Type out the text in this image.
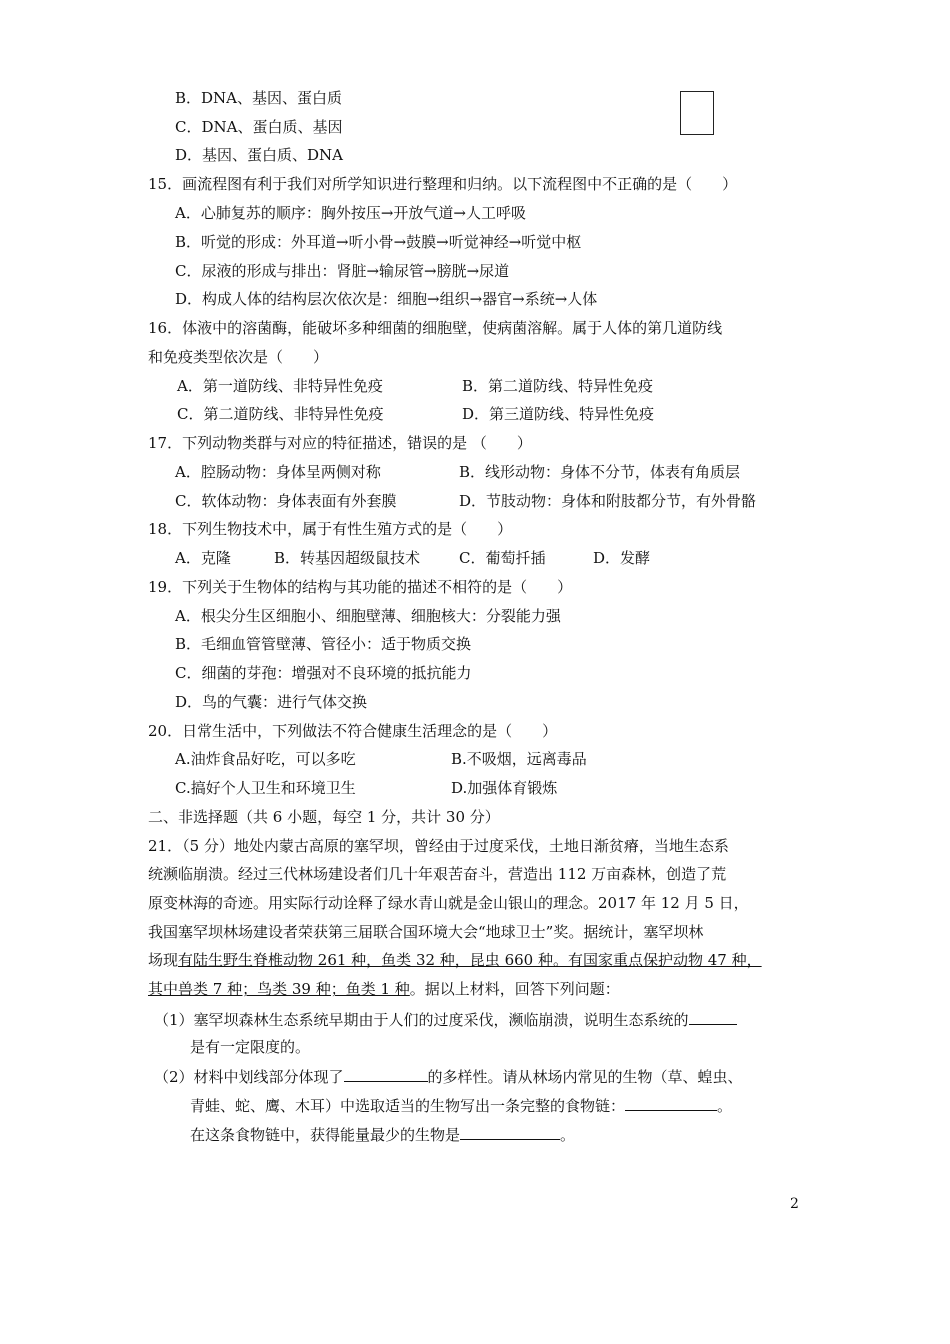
B．DNA、基因、蛋白质
C．DNA、蛋白质、基因
D．基因、蛋白质、DNA
15．画流程图有利于我们对所学知识进行整理和归纳。以下流程图中不正确的是（　　）
A．心肺复苏的顺序：胸外按压→开放气道→人工呼吸
B．听觉的形成：外耳道→听小骨→鼓膜→听觉神经→听觉中枢
C．尿液的形成与排出：肾脏→输尿管→膀胱→尿道
D．构成人体的结构层次依次是：细胞→组织→器官→系统→人体
16．体液中的溶菌酶，能破坏多种细菌的细胞壁，使病菌溶解。属于人体的第几道防线
和免疫类型依次是（　　）
A．第一道防线、非特异性免疫	B．第二道防线、特异性免疫
C．第二道防线、非特异性免疫	D．第三道防线、特异性免疫
17．下列动物类群与对应的特征描述，错误的是 （　　）
A．腔肠动物：身体呈两侧对称	B．线形动物：身体不分节，体表有角质层
C．软体动物：身体表面有外套膜	D．节肢动物：身体和附肢都分节，有外骨骼
18．下列生物技术中，属于有性生殖方式的是（　　）
A．克隆	B．转基因超级鼠技术	C．葡萄扦插	D．发酵
19．下列关于生物体的结构与其功能的描述不相符的是（　　）
A．根尖分生区细胞小、细胞壁薄、细胞核大：分裂能力强
B．毛细血管管壁薄、管径小：适于物质交换
C．细菌的芽孢：增强对不良环境的抵抗能力
D．鸟的气囊：进行气体交换
20．日常生活中，下列做法不符合健康生活理念的是（　　）
A.油炸食品好吃，可以多吃	B.不吸烟，远离毒品
C.搞好个人卫生和环境卫生	D.加强体育锻炼
二、非选择题（共 6 小题，每空 1 分，共计 30 分）
21．（5 分）地处内蒙古高原的塞罕坝，曾经由于过度采伐，土地日渐贫瘠，当地生态系
统濒临崩溃。经过三代林场建设者们几十年艰苦奋斗，营造出 112 万亩森林，创造了荒
原变林海的奇迹。用实际行动诠释了绿水青山就是金山银山的理念。2017 年 12 月 5 日，
我国塞罕坝林场建设者荣获第三届联合国环境大会“地球卫士”奖。据统计，塞罕坝林
场现有陆生野生脊椎动物 261 种，鱼类 32 种，昆虫 660 种。有国家重点保护动物 47 种，
其中兽类 7 种；鸟类 39 种；鱼类 1 种。据以上材料，回答下列问题：
（1）塞罕坝森林生态系统早期由于人们的过度采伐，濒临崩溃，说明生态系统的
是有一定限度的。
（2）材料中划线部分体现了	的多样性。请从林场内常见的生物（草、蝗虫、
青蛙、蛇、鹰、木耳）中选取适当的生物写出一条完整的食物链：	。
在这条食物链中，获得能量最少的生物是	。
2
